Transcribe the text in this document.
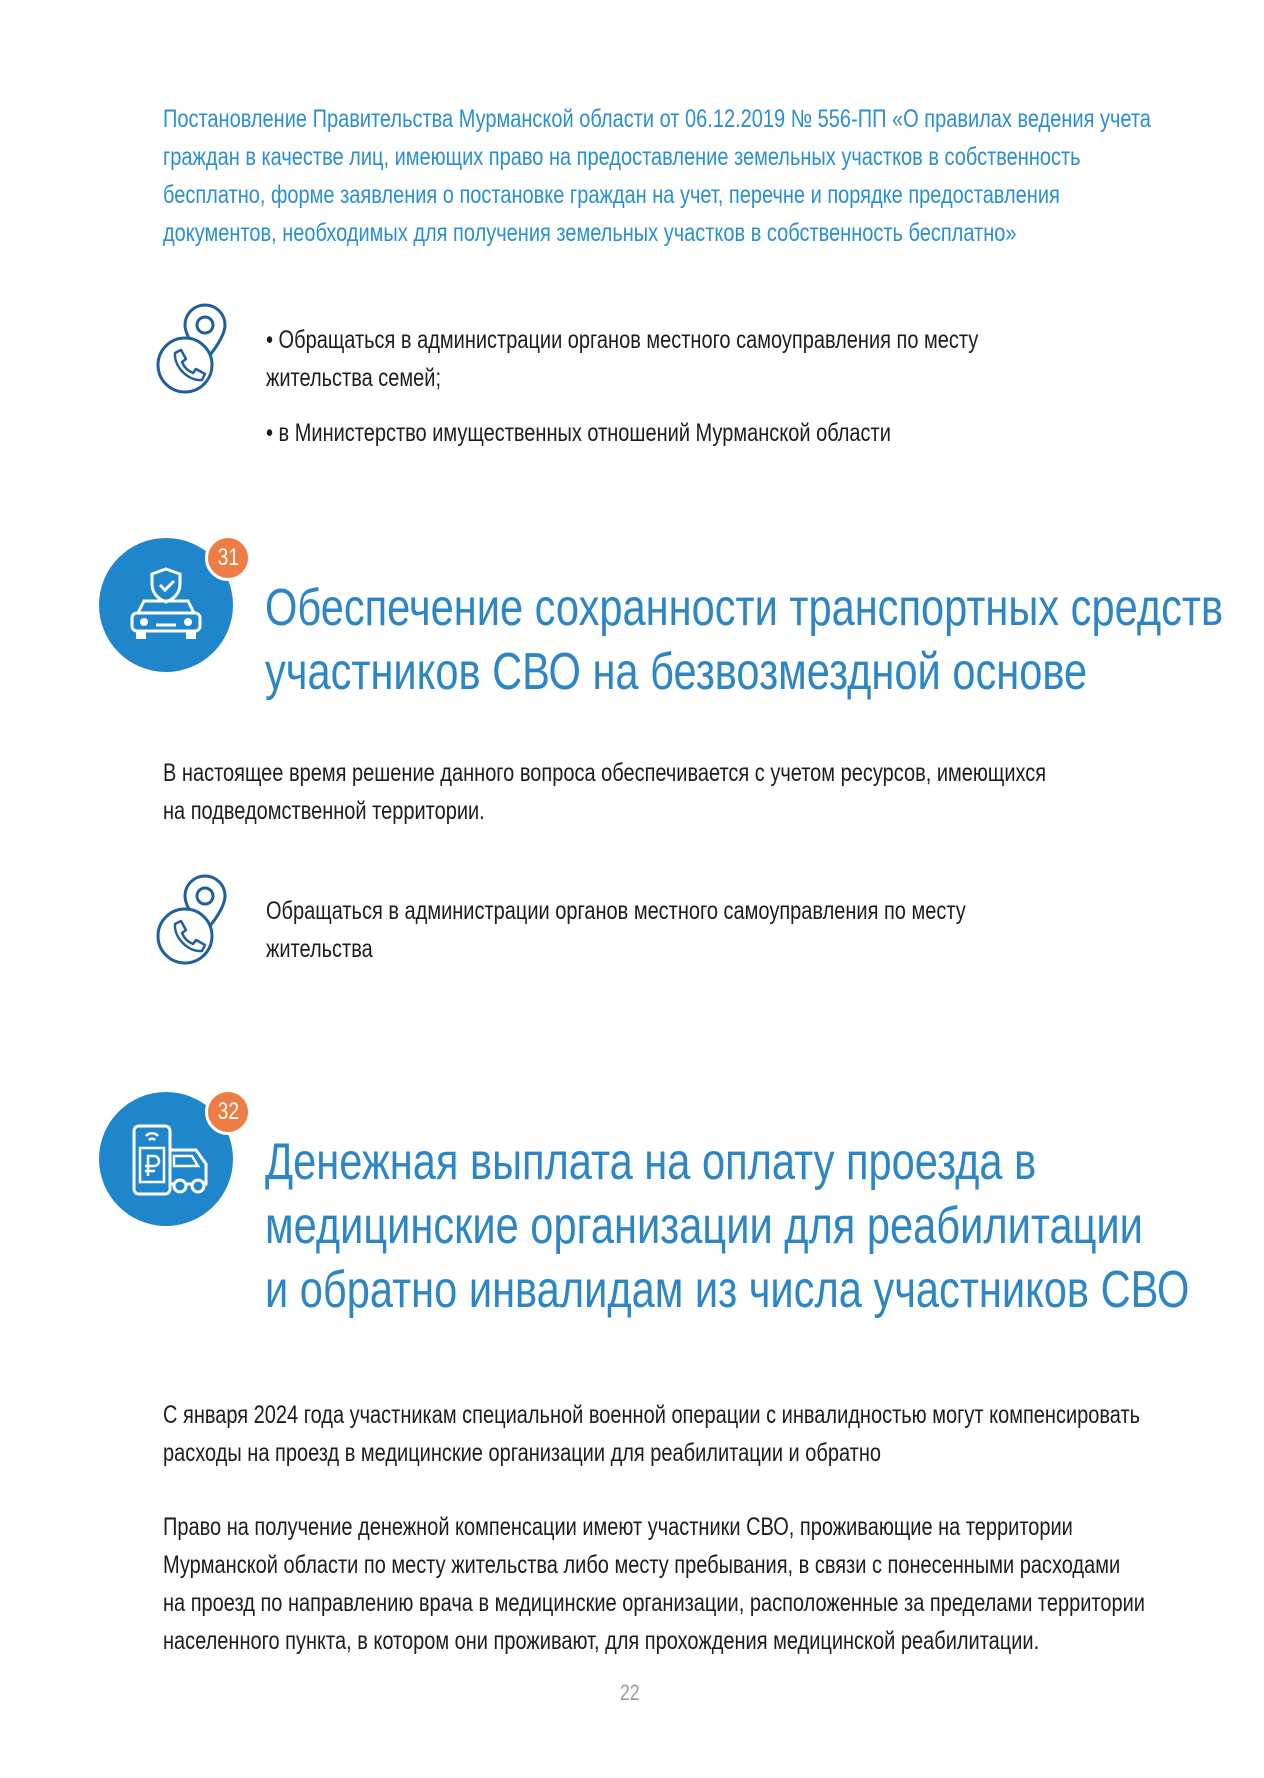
Постановление Правительства Мурманской области от 06.12.2019 № 556-ПП «О правилах ведения учета

граждан в качестве лиц, имеющих право на предоставление земельных участков в собственность

бесплатно, форме заявления о постановке граждан на учет, перечне и порядке предоставления

документов, необходимых для получения земельных участков в собственность бесплатно»

• Обращаться в администрации органов местного самоуправления по месту

жительства семей;

• в Министерство имущественных отношений Мурманской области

31

Обеспечение сохранности транспортных средств

участников СВО на безвозмездной основе

В настоящее время решение данного вопроса обеспечивается с учетом ресурсов, имеющихся

на подведомственной территории.

Обращаться в администрации органов местного самоуправления по месту

жительства

32

Денежная выплата на оплату проезда в

медицинские организации для реабилитации

и обратно инвалидам из числа участников СВО

С января 2024 года участникам специальной военной операции с инвалидностью могут компенсировать

расходы на проезд в медицинские организации для реабилитации и обратно

Право на получение денежной компенсации имеют участники СВО, проживающие на территории

Мурманской области по месту жительства либо месту пребывания, в связи с понесенными расходами

на проезд по направлению врача в медицинские организации, расположенные за пределами территории

населенного пункта, в котором они проживают, для прохождения медицинской реабилитации.

22
